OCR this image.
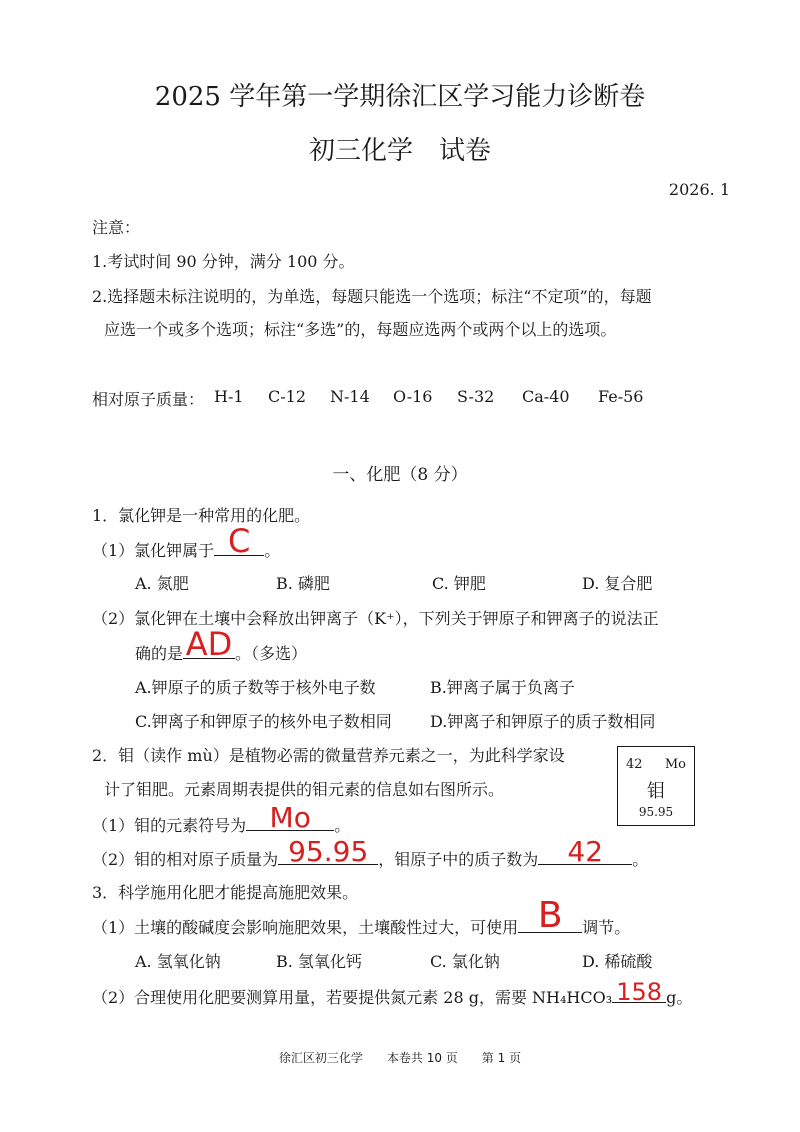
2025 学年第一学期徐汇区学习能力诊断卷
初三化学　试卷
2026. 1
注意：
1.考试时间 90 分钟，满分 100 分。
2.选择题未标注说明的，为单选，每题只能选一个选项；标注“不定项”的，每题
应选一个或多个选项；标注“多选”的，每题应选两个或两个以上的选项。
相对原子质量： H-1 C-12 N-14 O-16 S-32 Ca-40 Fe-56
一、化肥（8 分）
1．氯化钾是一种常用的化肥。
（1）氯化钾属于 C 。
A. 氮肥	B. 磷肥	C. 钾肥	D. 复合肥
（2）氯化钾在土壤中会释放出钾离子（K⁺），下列关于钾原子和钾离子的说法正
确的是 AD 。（多选）
A.钾原子的质子数等于核外电子数	B.钾离子属于负离子
C.钾离子和钾原子的核外电子数相同 D.钾离子和钾原子的质子数相同
2．钼（读作 mù）是植物必需的微量营养元素之一，为此科学家设
计了钼肥。元素周期表提供的钼元素的信息如右图所示。
42 Mo
钼
95.95
（1）钼的元素符号为 Mo	。
（2）钼的相对原子质量为 95.95 ，钼原子中的质子数为	42	。
3．科学施用化肥才能提高施肥效果。
（1）土壤的酸碱度会影响施肥效果，土壤酸性过大，可使用 B	调节。
A. 氢氧化钠	B. 氢氧化钙	C. 氯化钠	D. 稀硫酸
（2）合理使用化肥要测算用量，若要提供氮元素 28 g，需要 NH₄HCO₃ 158 g。
徐汇区初三化学　　本卷共 10 页　　第 1 页
